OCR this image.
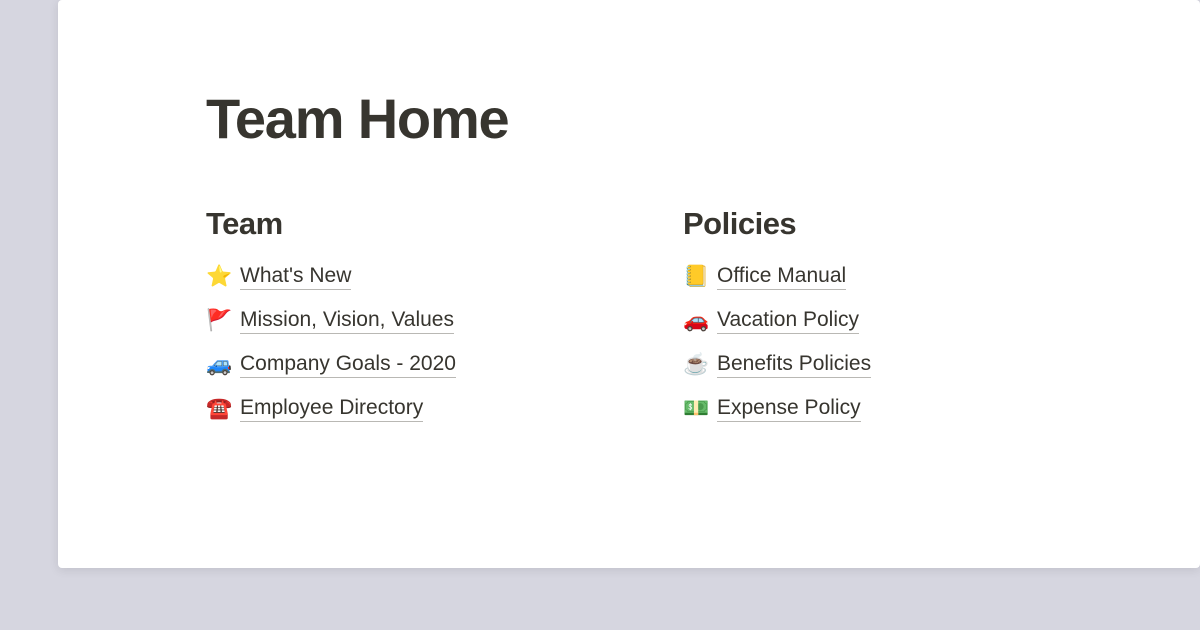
Team Home
Team
⭐ What's New
🚩 Mission, Vision, Values
🚙 Company Goals - 2020
☎️ Employee Directory
Policies
📒 Office Manual
🚗 Vacation Policy
☕ Benefits Policies
💵 Expense Policy
